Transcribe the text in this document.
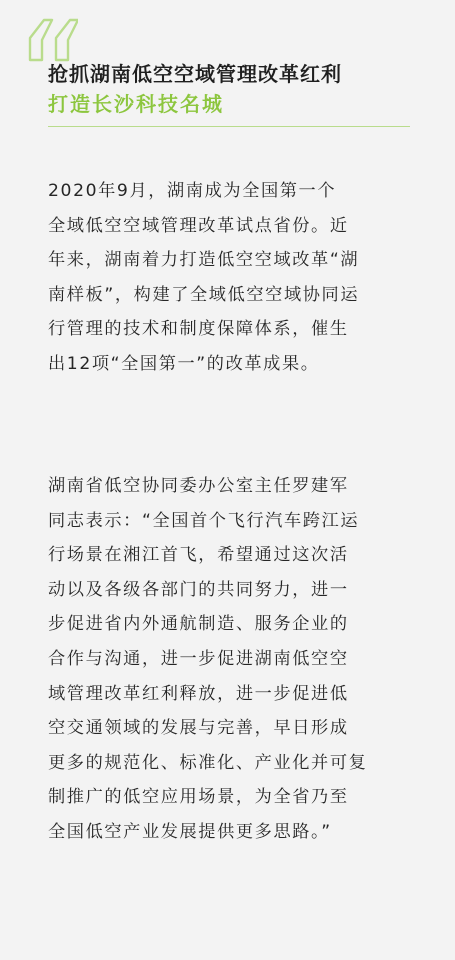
抢抓湖南低空空域管理改革红利
打造长沙科技名城
2020年9月，湖南成为全国第一个
全域低空空域管理改革试点省份。近
年来，湖南着力打造低空空域改革“湖
南样板”，构建了全域低空空域协同运
行管理的技术和制度保障体系，催生
出12项“全国第一”的改革成果。
湖南省低空协同委办公室主任罗建军
同志表示：“全国首个飞行汽车跨江运
行场景在湘江首飞，希望通过这次活
动以及各级各部门的共同努力，进一
步促进省内外通航制造、服务企业的
合作与沟通，进一步促进湖南低空空
域管理改革红利释放，进一步促进低
空交通领域的发展与完善，早日形成
更多的规范化、标准化、产业化并可复
制推广的低空应用场景，为全省乃至
全国低空产业发展提供更多思路。”
